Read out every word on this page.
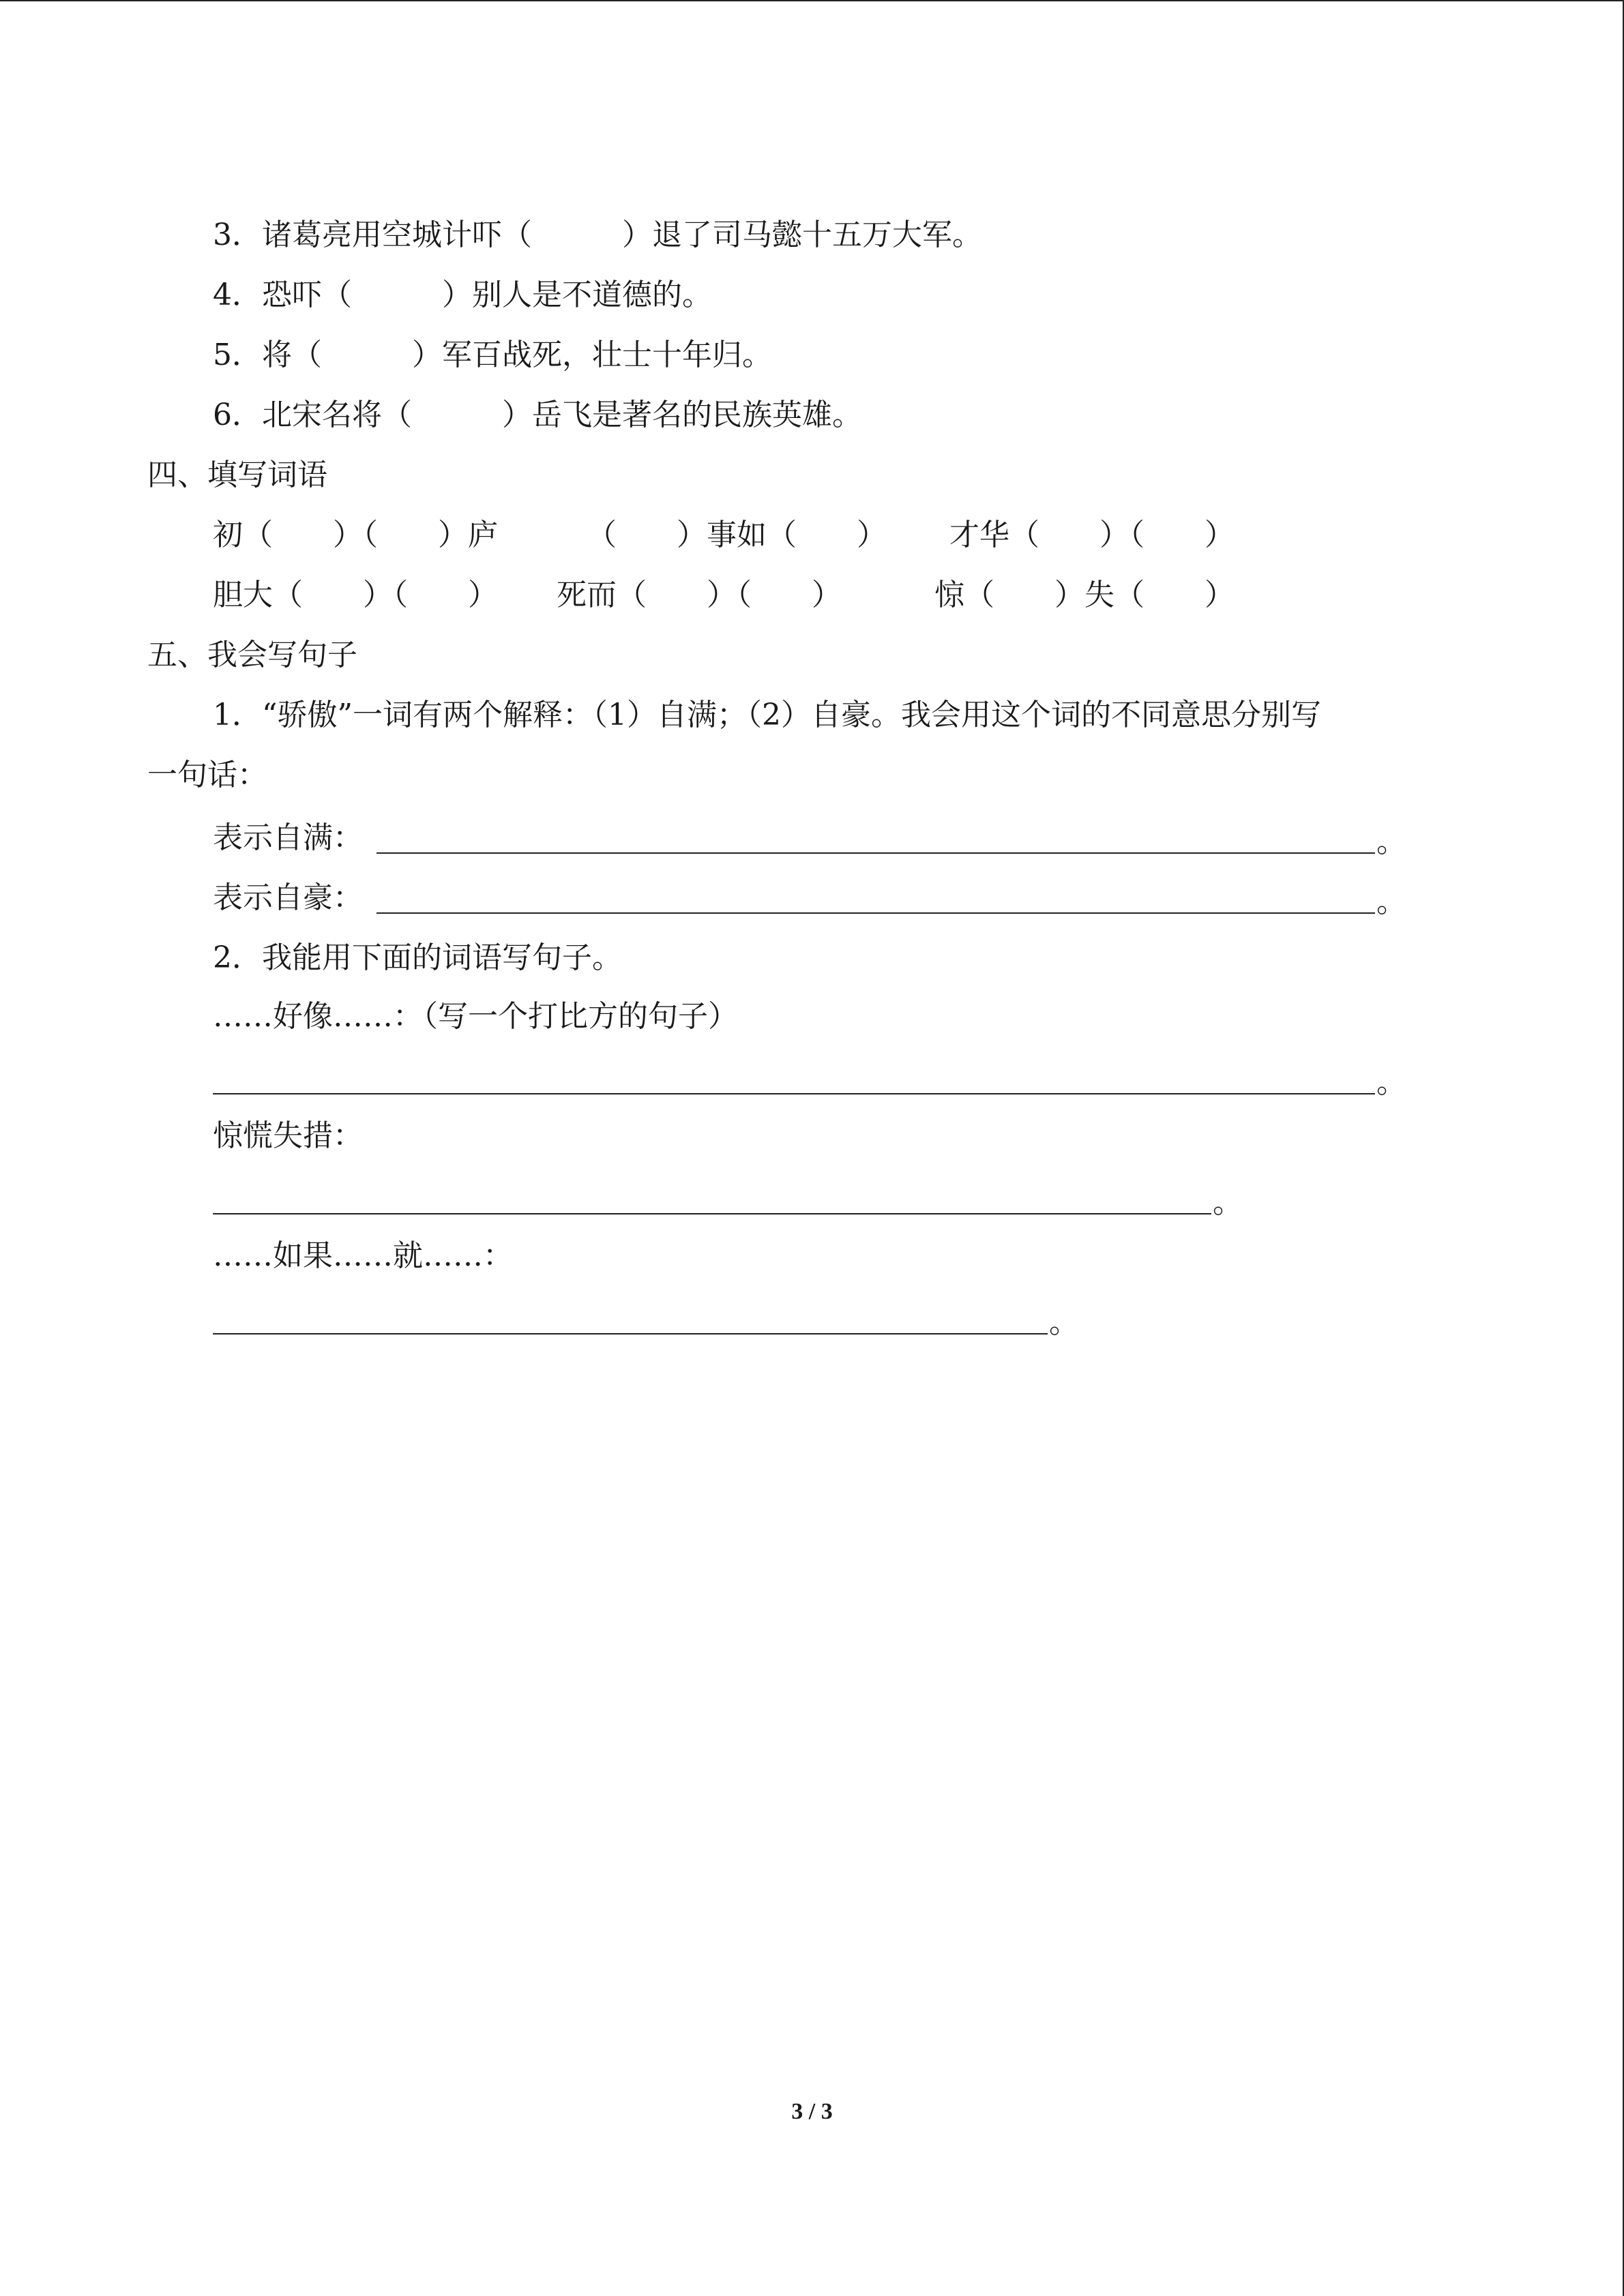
3．诸葛亮用空城计吓（　　　）退了司马懿十五万大军。
4．恐吓（　　　）别人是不道德的。
5．将（　　　）军百战死，壮士十年归。
6．北宋名将（　　　）岳飞是著名的民族英雄。
四、填写词语
初（　　）（　　）庐	（　　）事如（　　） 才华（　　）（　　）
胆大（　　）（　　） 死而（　　）（　　）	惊（　　）失（　　）
五、我会写句子
1．“骄傲”一词有两个解释：（1）自满；（2）自豪。我会用这个词的不同意思分别写
一句话：
表示自满：	。
表示自豪：	。
2．我能用下面的词语写句子。
……好像……：（写一个打比方的句子）
。
惊慌失措：
。
……如果……就……：
。
3 / 3
